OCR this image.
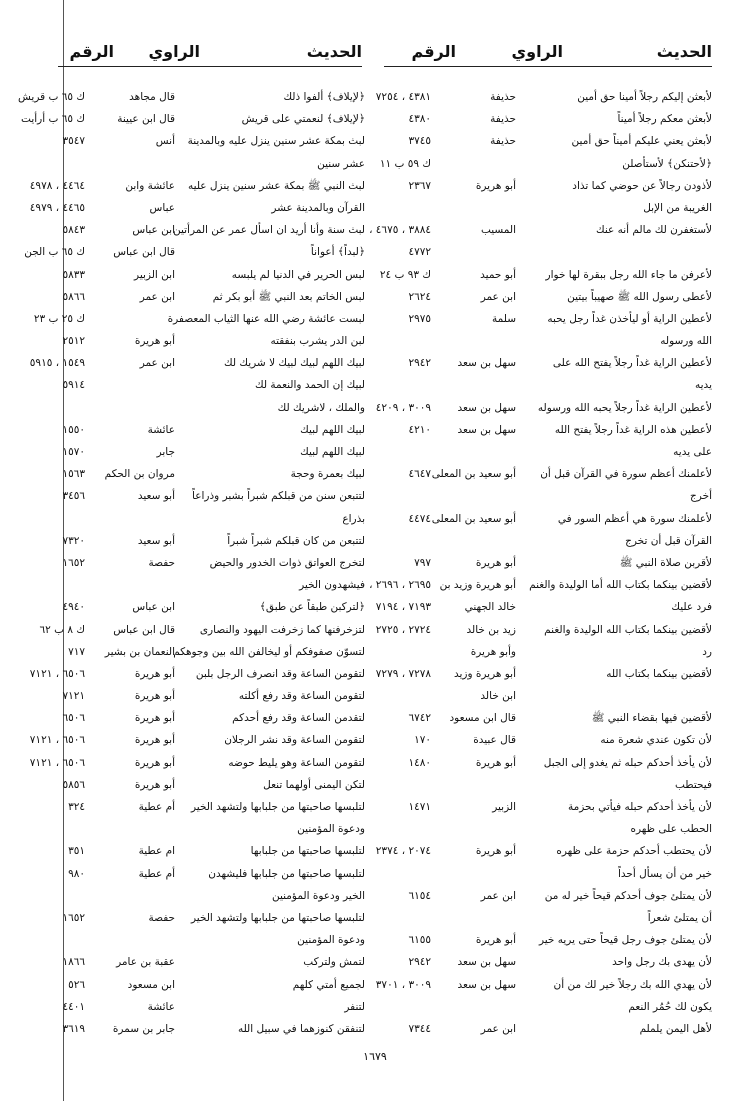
الحديث
الراوي
الرقم
الحديث
الراوي
الرقم
لأبعثن إليكم رجلاً أمينا حق أمين
حذيفة
٤٣٨١ ، ٧٢٥٤
لأبعثن معكم رجلاً أميناً
حذيفة
٤٣٨٠
لأبعثن يعني عليكم أميناً حق أمين
حذيفة
٣٧٤٥
﴿لأحتنكن﴾ لأستأصلن
ك ٥٩ ب ١١
لأذودن رجالاً عن حوضي كما تذاد
أبو هريرة
٢٣٦٧
الغريبة من الإبل
لأستغفرن لك مالم أنه عنك
المسيب
٣٨٨٤ ، ٤٦٧٥ ،
٤٧٧٢
لأعرفن ما جاء الله رجل ببقرة لها خوار
أبو حميد
ك ٩٣ ب ٢٤
لأعطى رسول الله ﷺ صهيباً بيتين
ابن عمر
٢٦٢٤
لأعطين الراية أو ليأخذن غداً رجل يحبه
سلمة
٢٩٧٥
الله ورسوله
لأعطين الراية غداً رجلاً يفتح الله على
سهل بن سعد
٢٩٤٢
يديه
لأعطين الراية غداً رجلاً يحبه الله ورسوله
سهل بن سعد
٣٠٠٩ ، ٤٢٠٩
لأعطين هذه الراية غداً رجلاً يفتح الله
سهل بن سعد
٤٢١٠
على يديه
لأعلمنك أعظم سورة في القرآن قبل أن
أبو سعيد بن المعلى
٤٦٤٧
أخرج
لأعلمنك سورة هي أعظم السور في
أبو سعيد بن المعلى
٤٤٧٤
القرآن قبل أن تخرج
لأقربن صلاة النبي ﷺ
أبو هريرة
٧٩٧
لأقضين بينكما بكتاب الله أما الوليدة والغنم
أبو هريرة وزيد بن
٢٦٩٥ ، ٢٦٩٦ ،
فرد عليك
خالد الجهني
٧١٩٣ ، ٧١٩٤
لأقضين بينكما بكتاب الله الوليدة والغنم
زيد بن خالد
٢٧٢٤ ، ٢٧٢٥
رد
وأبو هريرة
لأقضين بينكما بكتاب الله
أبو هريرة وزيد
٧٢٧٨ ، ٧٢٧٩
ابن خالد
لأقضين فيها بقضاء النبي ﷺ
قال ابن مسعود
٦٧٤٢
لأن تكون عندي شعرة منه
قال عبيدة
١٧٠
لأن يأخذ أحدكم حبله ثم يغدو إلى الجبل
أبو هريرة
١٤٨٠
فيحتطب
لأن يأخذ أحدكم حبله فيأتي بحزمة
الزبير
١٤٧١
الحطب على ظهره
لأن يحتطب أحدكم حزمة على ظهره
أبو هريرة
٢٠٧٤ ، ٢٣٧٤
خير من أن يسأل أحداً
لأن يمتلئ جوف أحدكم قيحاً خير له من
ابن عمر
٦١٥٤
أن يمتلئ شعراً
لأن يمتلئ جوف رجل قيحاً حتى يريه خير
أبو هريرة
٦١٥٥
لأن يهدى بك رجل واحد
سهل بن سعد
٢٩٤٢
لأن يهدي الله بك رجلاً خير لك من أن
سهل بن سعد
٣٠٠٩ ، ٣٧٠١
يكون لك حُمُر النعم
لأهل اليمن يلملم
ابن عمر
٧٣٤٤
﴿لإيلاف﴾ ألفوا ذلك
قال مجاهد
ك ٦٥ ب قريش
﴿لإيلاف﴾ لنعمتي على قريش
قال ابن عيينة
ك ٦٥ ب أرأيت
لبث بمكة عشر سنين ينزل عليه وبالمدينة
أنس
٣٥٤٧
عشر سنين
لبث النبي ﷺ بمكة عشر سنين ينزل عليه
عائشة وابن
٤٤٦٤ ، ٤٩٧٨
القرآن وبالمدينة عشر
عباس
٤٤٦٥ ، ٤٩٧٩
لبث سنة وأنا أريد ان اسأل عمر عن المرأتين
ابن عباس
٥٨٤٣
﴿لبداً﴾ أعواناً
قال ابن عباس
ك ٦٥ ب الجن
لبس الحرير في الدنيا لم يلبسه
ابن الزبير
٥٨٣٣
لبس الخاتم بعد النبي ﷺ أبو بكر ثم
ابن عمر
٥٨٦٦
لبست عائشة رضي الله عنها الثياب المعصفرة
ك ٢٥ ب ٢٣
لبن الدر يشرب بنفقته
أبو هريرة
٢٥١٢
لبيك اللهم لبيك لبيك لا شريك لك
ابن عمر
١٥٤٩ ، ٥٩١٥
لبيك إن الحمد والنعمة لك
٥٩١٤
والملك ، لاشريك لك
لبيك اللهم لبيك
عائشة
١٥٥٠
لبيك اللهم لبيك
جابر
١٥٧٠
لبيك بعمرة وحجة
مروان بن الحكم
١٥٦٣
لتتبعن سنن من قبلكم شبراً بشبر وذراعاً
أبو سعيد
٣٤٥٦
بذراع
لتتبعن من كان قبلكم شبراً شبراً
أبو سعيد
٧٣٢٠
لتخرج العواتق ذوات الخدور والحيض
حفصة
١٦٥٢
فيشهدون الخير
﴿لتركبن طبقاً عن طبق﴾
ابن عباس
٤٩٤٠
لتزخرفنها كما زخرفت اليهود والنصارى
قال ابن عباس
ك ٨ ب ٦٢
لتسوّن صفوفكم أو ليخالفن الله بين وجوهكم
النعمان بن بشير
٧١٧
لتقومن الساعة وقد انصرف الرجل بلبن
أبو هريرة
٦٥٠٦ ، ٧١٢١
لتقومن الساعة وقد رفع أكلته
أبو هريرة
٧١٢١
لتقدمن الساعة وقد رفع أحدكم
أبو هريرة
٦٥٠٦
لتقومن الساعة وقد نشر الرجلان
أبو هريرة
٦٥٠٦ ، ٧١٢١
لتقومن الساعة وهو يليط حوضه
أبو هريرة
٦٥٠٦ ، ٧١٢١
لتكن اليمنى أولهما تنعل
أبو هريرة
٥٨٥٦
لتلبسها صاحبتها من جلبابها ولتشهد الخير
أم عطية
٣٢٤
ودعوة المؤمنين
لتلبسها صاحبتها من جلبابها
ام عطية
٣٥١
لتلبسها صاحبتها من جلبابها فليشهدن
أم عطية
٩٨٠
الخير ودعوة المؤمنين
لتلبسها صاحبتها من جلبابها ولتشهد الخير
حفصة
١٦٥٢
ودعوة المؤمنين
لتمش ولتركب
عقبة بن عامر
١٨٦٦
لجميع أمتي كلهم
ابن مسعود
٥٢٦
لتنفر
عائشة
٤٤٠١
لتنفقن كنوزهما في سبيل الله
جابر بن سمرة
٣٦١٩
١٦٧٩
